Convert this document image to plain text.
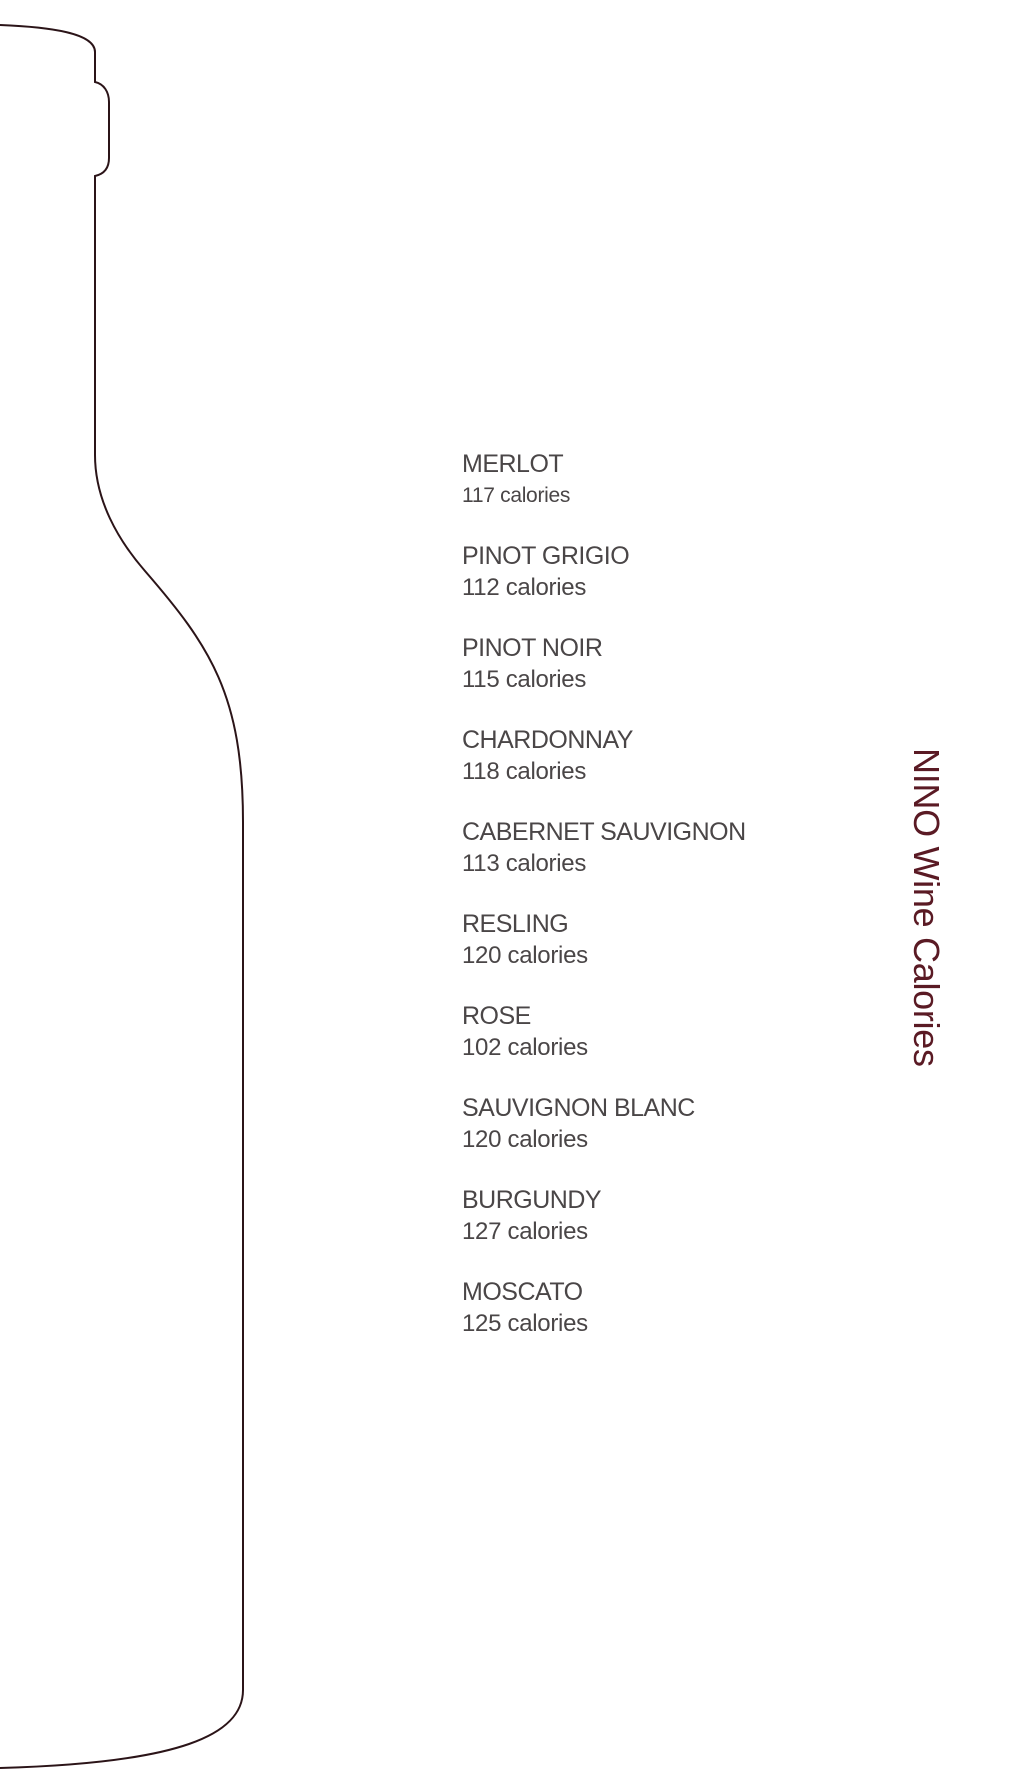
MERLOT
117 calories
PINOT GRIGIO
112 calories
PINOT NOIR
115 calories
CHARDONNAY
118 calories
CABERNET SAUVIGNON
113 calories
RESLING
120 calories
ROSE
102 calories
SAUVIGNON BLANC
120 calories
BURGUNDY
127 calories
MOSCATO
125 calories
NINO Wine Calories
